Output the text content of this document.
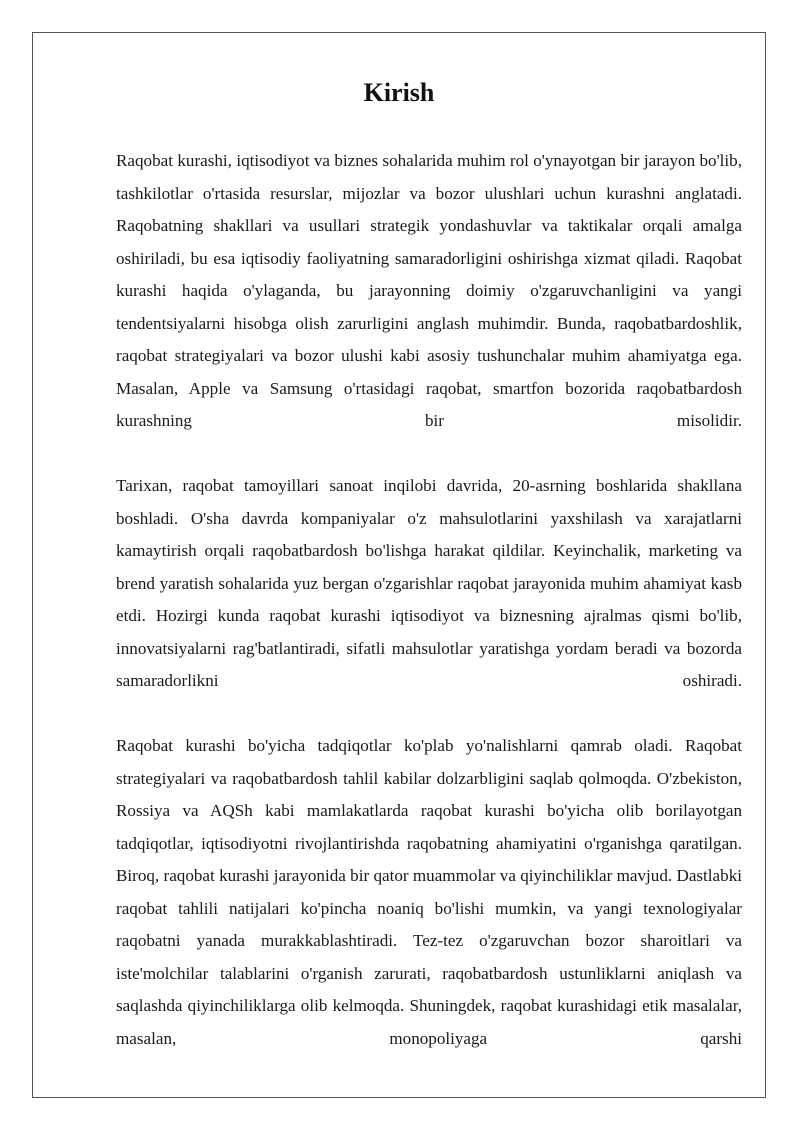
Kirish

Raqobat kurashi, iqtisodiyot va biznes sohalarida muhim rol o'ynayotgan bir jarayon bo'lib, tashkilotlar o'rtasida resurslar, mijozlar va bozor ulushlari uchun kurashni anglatadi. Raqobatning shakllari va usullari strategik yondashuvlar va taktikalar orqali amalga oshiriladi, bu esa iqtisodiy faoliyatning samaradorligini oshirishga xizmat qiladi. Raqobat kurashi haqida o'ylaganda, bu jarayonning doimiy o'zgaruvchanligini va yangi tendentsiyalarni hisobga olish zarurligini anglash muhimdir. Bunda, raqobatbardoshlik, raqobat strategiyalari va bozor ulushi kabi asosiy tushunchalar muhim ahamiyatga ega. Masalan, Apple va Samsung o'rtasidagi raqobat, smartfon bozorida raqobatbardosh kurashning bir misolidir.

Tarixan, raqobat tamoyillari sanoat inqilobi davrida, 20-asrning boshlarida shakllana boshladi. O'sha davrda kompaniyalar o'z mahsulotlarini yaxshilash va xarajatlarni kamaytirish orqali raqobatbardosh bo'lishga harakat qildilar. Keyinchalik, marketing va brend yaratish sohalarida yuz bergan o'zgarishlar raqobat jarayonida muhim ahamiyat kasb etdi. Hozirgi kunda raqobat kurashi iqtisodiyot va biznesning ajralmas qismi bo'lib, innovatsiyalarni rag'batlantiradi, sifatli mahsulotlar yaratishga yordam beradi va bozorda samaradorlikni oshiradi.

Raqobat kurashi bo'yicha tadqiqotlar ko'plab yo'nalishlarni qamrab oladi. Raqobat strategiyalari va raqobatbardosh tahlil kabilar dolzarbligini saqlab qolmoqda. O'zbekiston, Rossiya va AQSh kabi mamlakatlarda raqobat kurashi bo'yicha olib borilayotgan tadqiqotlar, iqtisodiyotni rivojlantirishda raqobatning ahamiyatini o'rganishga qaratilgan. Biroq, raqobat kurashi jarayonida bir qator muammolar va qiyinchiliklar mavjud. Dastlabki raqobat tahlili natijalari ko'pincha noaniq bo'lishi mumkin, va yangi texnologiyalar raqobatni yanada murakkablashtiradi. Tez-tez o'zgaruvchan bozor sharoitlari va iste'molchilar talablarini o'rganish zarurati, raqobatbardosh ustunliklarni aniqlash va saqlashda qiyinchiliklarga olib kelmoqda. Shuningdek, raqobat kurashidagi etik masalalar, masalan, monopoliyaga qarshi
